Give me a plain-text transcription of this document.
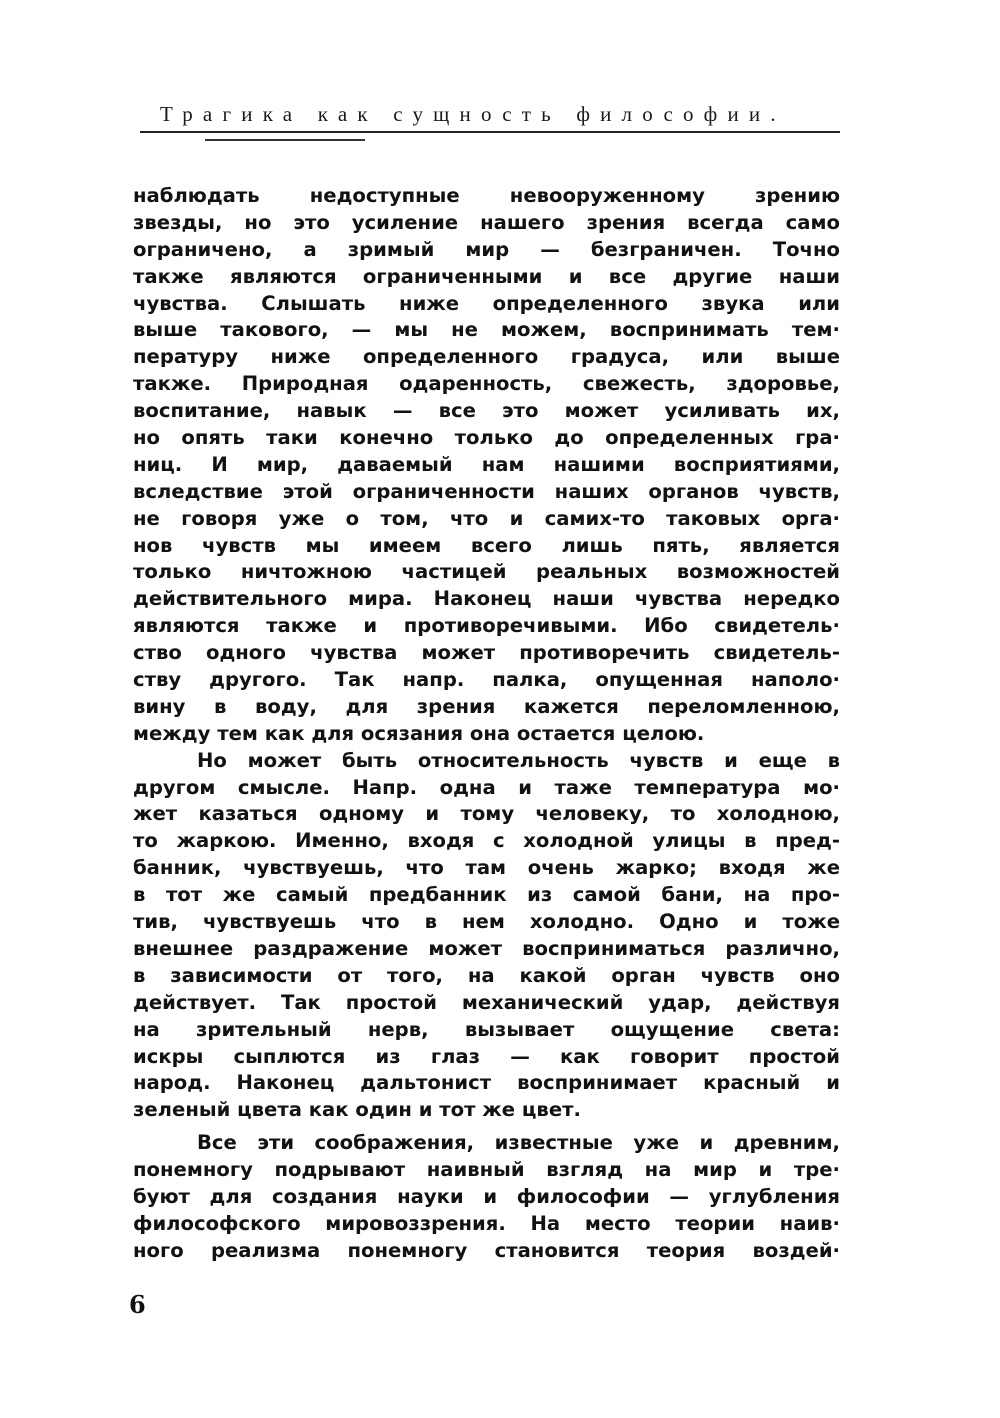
Трагика как сущность философии.
наблюдать недоступные невооруженному зрению
звезды, но это усиление нашего зрения всегда само
ограничено, а зримый мир — безграничен. Точно
также являются ограниченными и все другие наши
чувства. Слышать ниже определенного звука или
выше такового, — мы не можем, воспринимать тем·
пературу ниже определенного градуса, или выше
также. Природная одаренность, свежесть, здоровье,
воспитание, навык — все это может усиливать их,
но опять таки конечно только до определенных гра·
ниц. И мир, даваемый нам нашими восприятиями,
вследствие этой ограниченности наших органов чувств,
не говоря уже о том, что и самих-то таковых орга·
нов чувств мы имеем всего лишь пять, является
только ничтожною частицей реальных возможностей
действительного мира. Наконец наши чувства нередко
являются также и противоречивыми. Ибо свидетель·
ство одного чувства может противоречить свидетель-
ству другого. Так напр. палка, опущенная наполо·
вину в воду, для зрения кажется переломленною,
между тем как для осязания она остается целою.
Но может быть относительность чувств и еще в
другом смысле. Напр. одна и таже температура мо·
жет казаться одному и тому человеку, то холодною,
то жаркою. Именно, входя с холодной улицы в пред-
банник, чувствуешь, что там очень жарко; входя же
в тот же самый предбанник из самой бани, на про-
тив, чувствуешь что в нем холодно. Одно и тоже
внешнее раздражение может восприниматься различно,
в зависимости от того, на какой орган чувств оно
действует. Так простой механический удар, действуя
на зрительный нерв, вызывает ощущение света:
искры сыплются из глаз — как говорит простой
народ. Наконец дальтонист воспринимает красный и
зеленый цвета как один и тот же цвет.
Все эти соображения, известные уже и древним,
понемногу подрывают наивный взгляд на мир и тре·
буют для создания науки и философии — углубления
философского мировоззрения. На место теории наив·
ного реализма понемногу становится теория воздей·
6
